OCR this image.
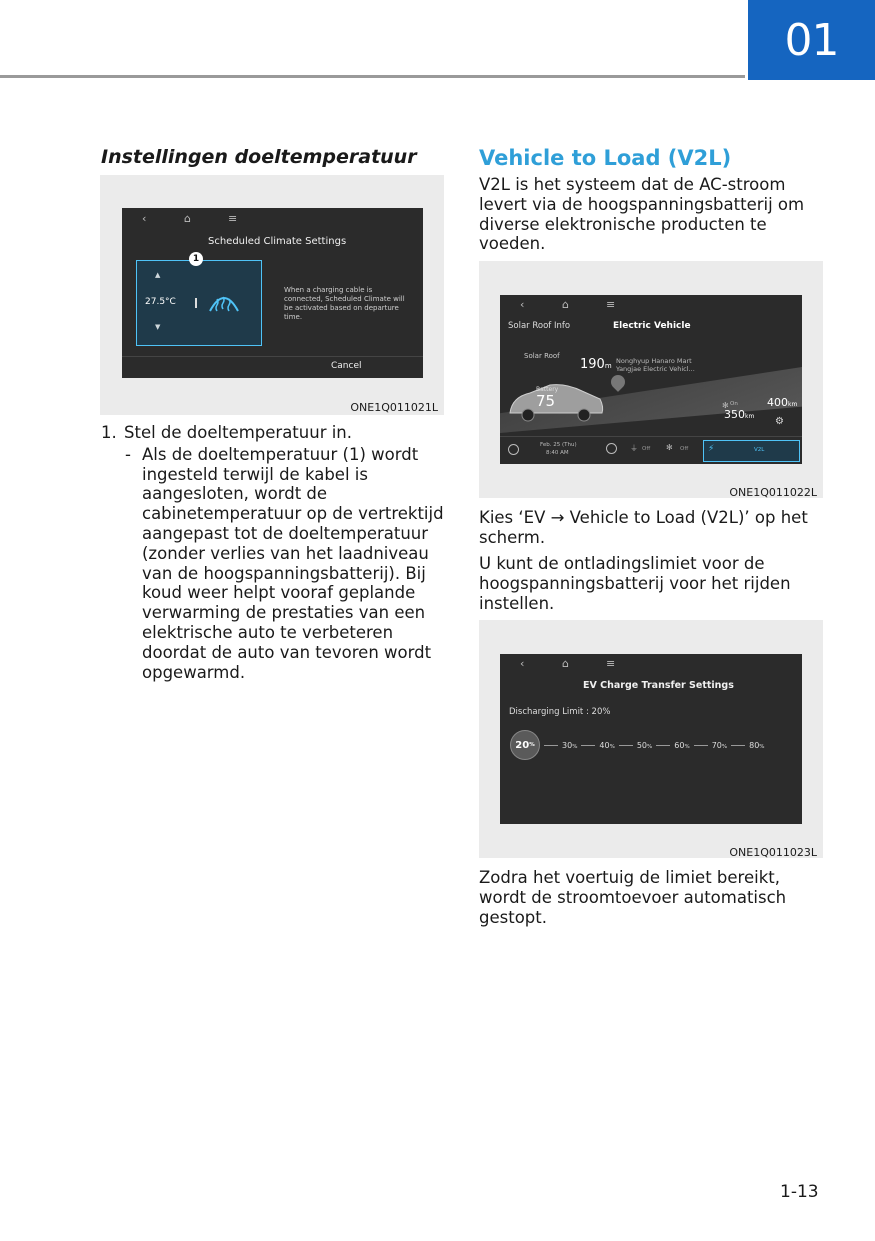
01
Instellingen doeltemperatuur
‹	⌂	≡
Scheduled Climate Settings
▲
27.5°C
▼
1
When a charging cable is connected, Scheduled Climate will be activated based on departure time.
Cancel
ONE1Q011021L
1. Stel de doeltemperatuur in.
- Als de doeltemperatuur (1) wordt ingesteld terwijl de kabel is aangesloten, wordt de cabinetemperatuur op de vertrektijd aangepast tot de doeltemperatuur (zonder verlies van het laadniveau van de hoogspanningsbatterij). Bij koud weer helpt vooraf geplande verwarming de prestaties van een elektrische auto te verbeteren doordat de auto van tevoren wordt opgewarmd.
Vehicle to Load (V2L)
V2L is het systeem dat de AC-stroom levert via de hoogspanningsbatterij om diverse elektronische producten te voeden.
‹	⌂	≡
Solar Roof Info	Electric Vehicle
Solar Roof
Battery
75
190m
Nonghyup Hanaro Mart
Yangjae Electric Vehicl...
✻ On	400km
350km ⚙
Feb. 25 (Thu)
8:40 AM	⏚ Off ✻ Off ⚡	V2L
ONE1Q011022L
Kies ‘EV → Vehicle to Load (V2L)’ op het scherm.
U kunt de ontladingslimiet voor de hoogspanningsbatterij voor het rijden instellen.
‹	⌂	≡
EV Charge Transfer Settings
Discharging Limit : 20%
20 %	30%	40%	50%	60%	70%	80%
ONE1Q011023L
Zodra het voertuig de limiet bereikt, wordt de stroomtoevoer automatisch gestopt.
1-13
